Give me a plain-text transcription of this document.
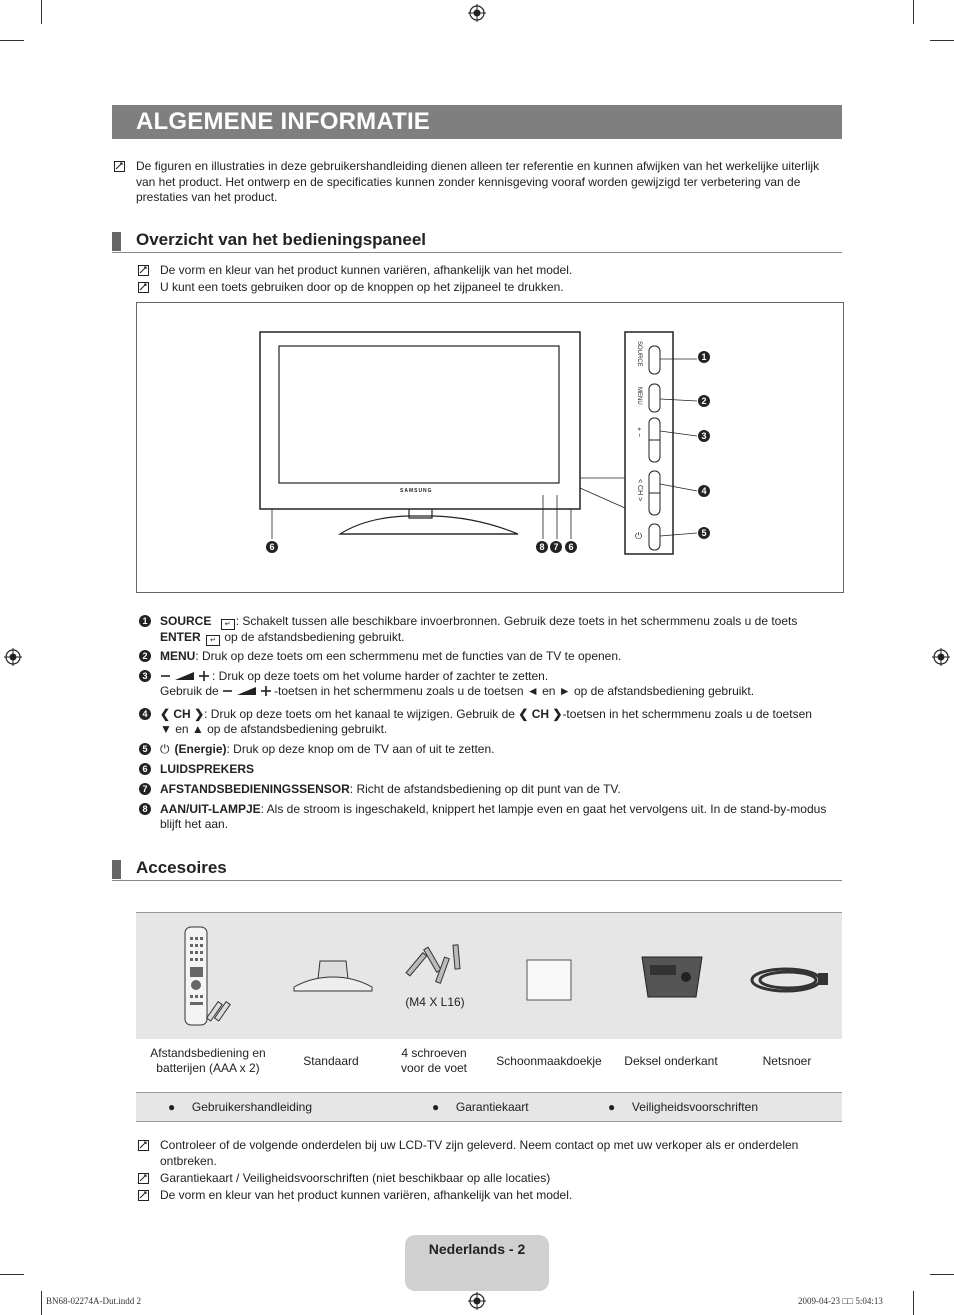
ALGEMENE INFORMATIE
De figuren en illustraties in deze gebruikershandleiding dienen alleen ter referentie en kunnen afwijken van het werkelijke uiterlijk van het product. Het ontwerp en de specificaties kunnen zonder kennisgeving vooraf worden gewijzigd ter verbetering van de prestaties van het product.
Overzicht van het bedieningspaneel
De vorm en kleur van het product kunnen variëren, afhankelijk van het model.
U kunt een toets gebruiken door op de knoppen op het zijpaneel te drukken.
SAMSUNG
SOURCE
MENU
+ −
< CH >
⏻
1
2
3
4
5
6	8 7	6
1 SOURCE ↵ : Schakelt tussen alle beschikbare invoerbronnen. Gebruik deze toets in het schermmenu zoals u de toets
ENTER ↵ op de afstandsbediening gebruikt.
2 MENU: Druk op deze toets om een schermmenu met de functies van de TV te openen.
3	: Druk op deze toets om het volume harder of zachter te zetten.
Gebruik de	-toetsen in het schermmenu zoals u de toetsen ◄ en ► op de afstandsbediening gebruikt.
4 ❮ CH ❯: Druk op deze toets om het kanaal te wijzigen. Gebruik de ❮ CH ❯-toetsen in het schermmenu zoals u de toetsen
▼ en ▲ op de afstandsbediening gebruikt.
5 ⏻ (Energie): Druk op deze knop om de TV aan of uit te zetten.
6 LUIDSPREKERS
7 AFSTANDSBEDIENINGSSENSOR: Richt de afstandsbediening op dit punt van de TV.
8 AAN/UIT-LAMPJE: Als de stroom is ingeschakeld, knippert het lampje even en gaat het vervolgens uit. In de stand-by-modus
blijft het aan.
Accesoires
(M4 X L16)
Afstandsbediening en batterijen (AAA x 2)	Standaard
4 schroeven voor de voet	Schoonmaakdoekje	Deksel onderkant	Netsnoer
●     Gebruikershandleiding	●     Garantiekaart	●     Veiligheidsvoorschriften
Controleer of de volgende onderdelen bij uw LCD-TV zijn geleverd. Neem contact op met uw verkoper als er onderdelen ontbreken.
Garantiekaart / Veiligheidsvoorschriften (niet beschikbaar op alle locaties)
De vorm en kleur van het product kunnen variëren, afhankelijk van het model.
Nederlands - 2
BN68-02274A-Dut.indd 2	2009-04-23 □□ 5:04:13
